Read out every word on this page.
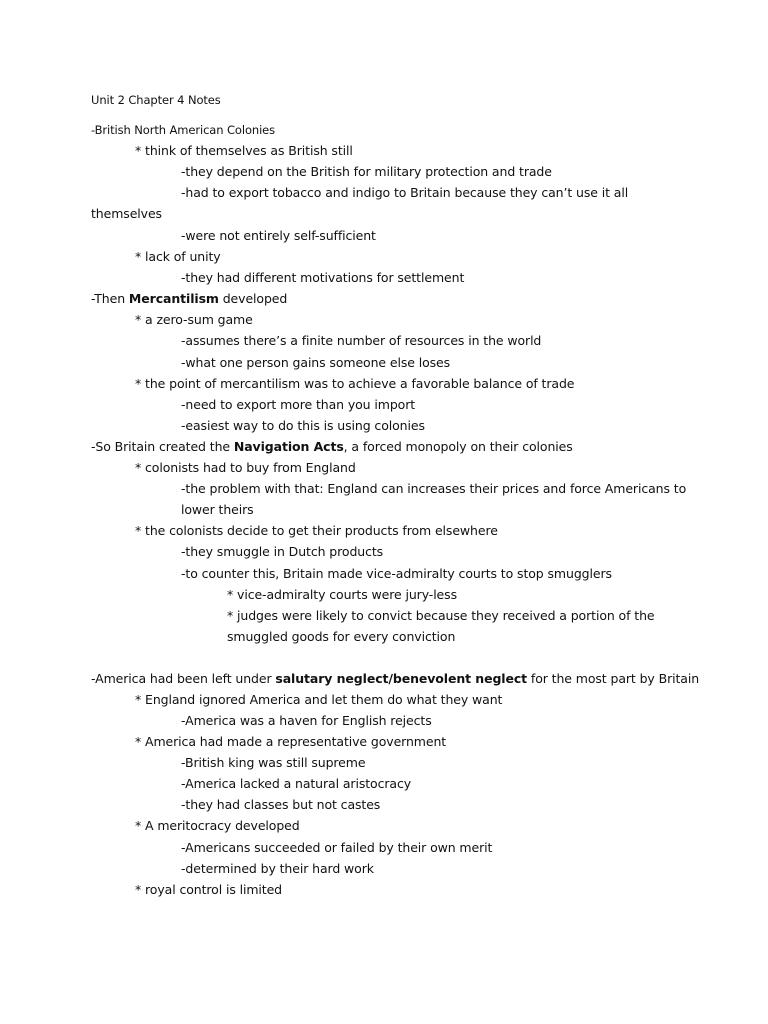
Unit 2 Chapter 4 Notes
-British North American Colonies
* think of themselves as British still
-they depend on the British for military protection and trade
-had to export tobacco and indigo to Britain because they can’t use it all
themselves
-were not entirely self-sufficient
* lack of unity
-they had different motivations for settlement
-Then Mercantilism developed
* a zero-sum game
-assumes there’s a finite number of resources in the world
-what one person gains someone else loses
* the point of mercantilism was to achieve a favorable balance of trade
-need to export more than you import
-easiest way to do this is using colonies
-So Britain created the Navigation Acts, a forced monopoly on their colonies
* colonists had to buy from England
-the problem with that: England can increases their prices and force Americans to
lower theirs
* the colonists decide to get their products from elsewhere
-they smuggle in Dutch products
-to counter this, Britain made vice-admiralty courts to stop smugglers
* vice-admiralty courts were jury-less
* judges were likely to convict because they received a portion of the
smuggled goods for every conviction
-America had been left under salutary neglect/benevolent neglect for the most part by Britain
* England ignored America and let them do what they want
-America was a haven for English rejects
* America had made a representative government
-British king was still supreme
-America lacked a natural aristocracy
-they had classes but not castes
* A meritocracy developed
-Americans succeeded or failed by their own merit
-determined by their hard work
* royal control is limited
